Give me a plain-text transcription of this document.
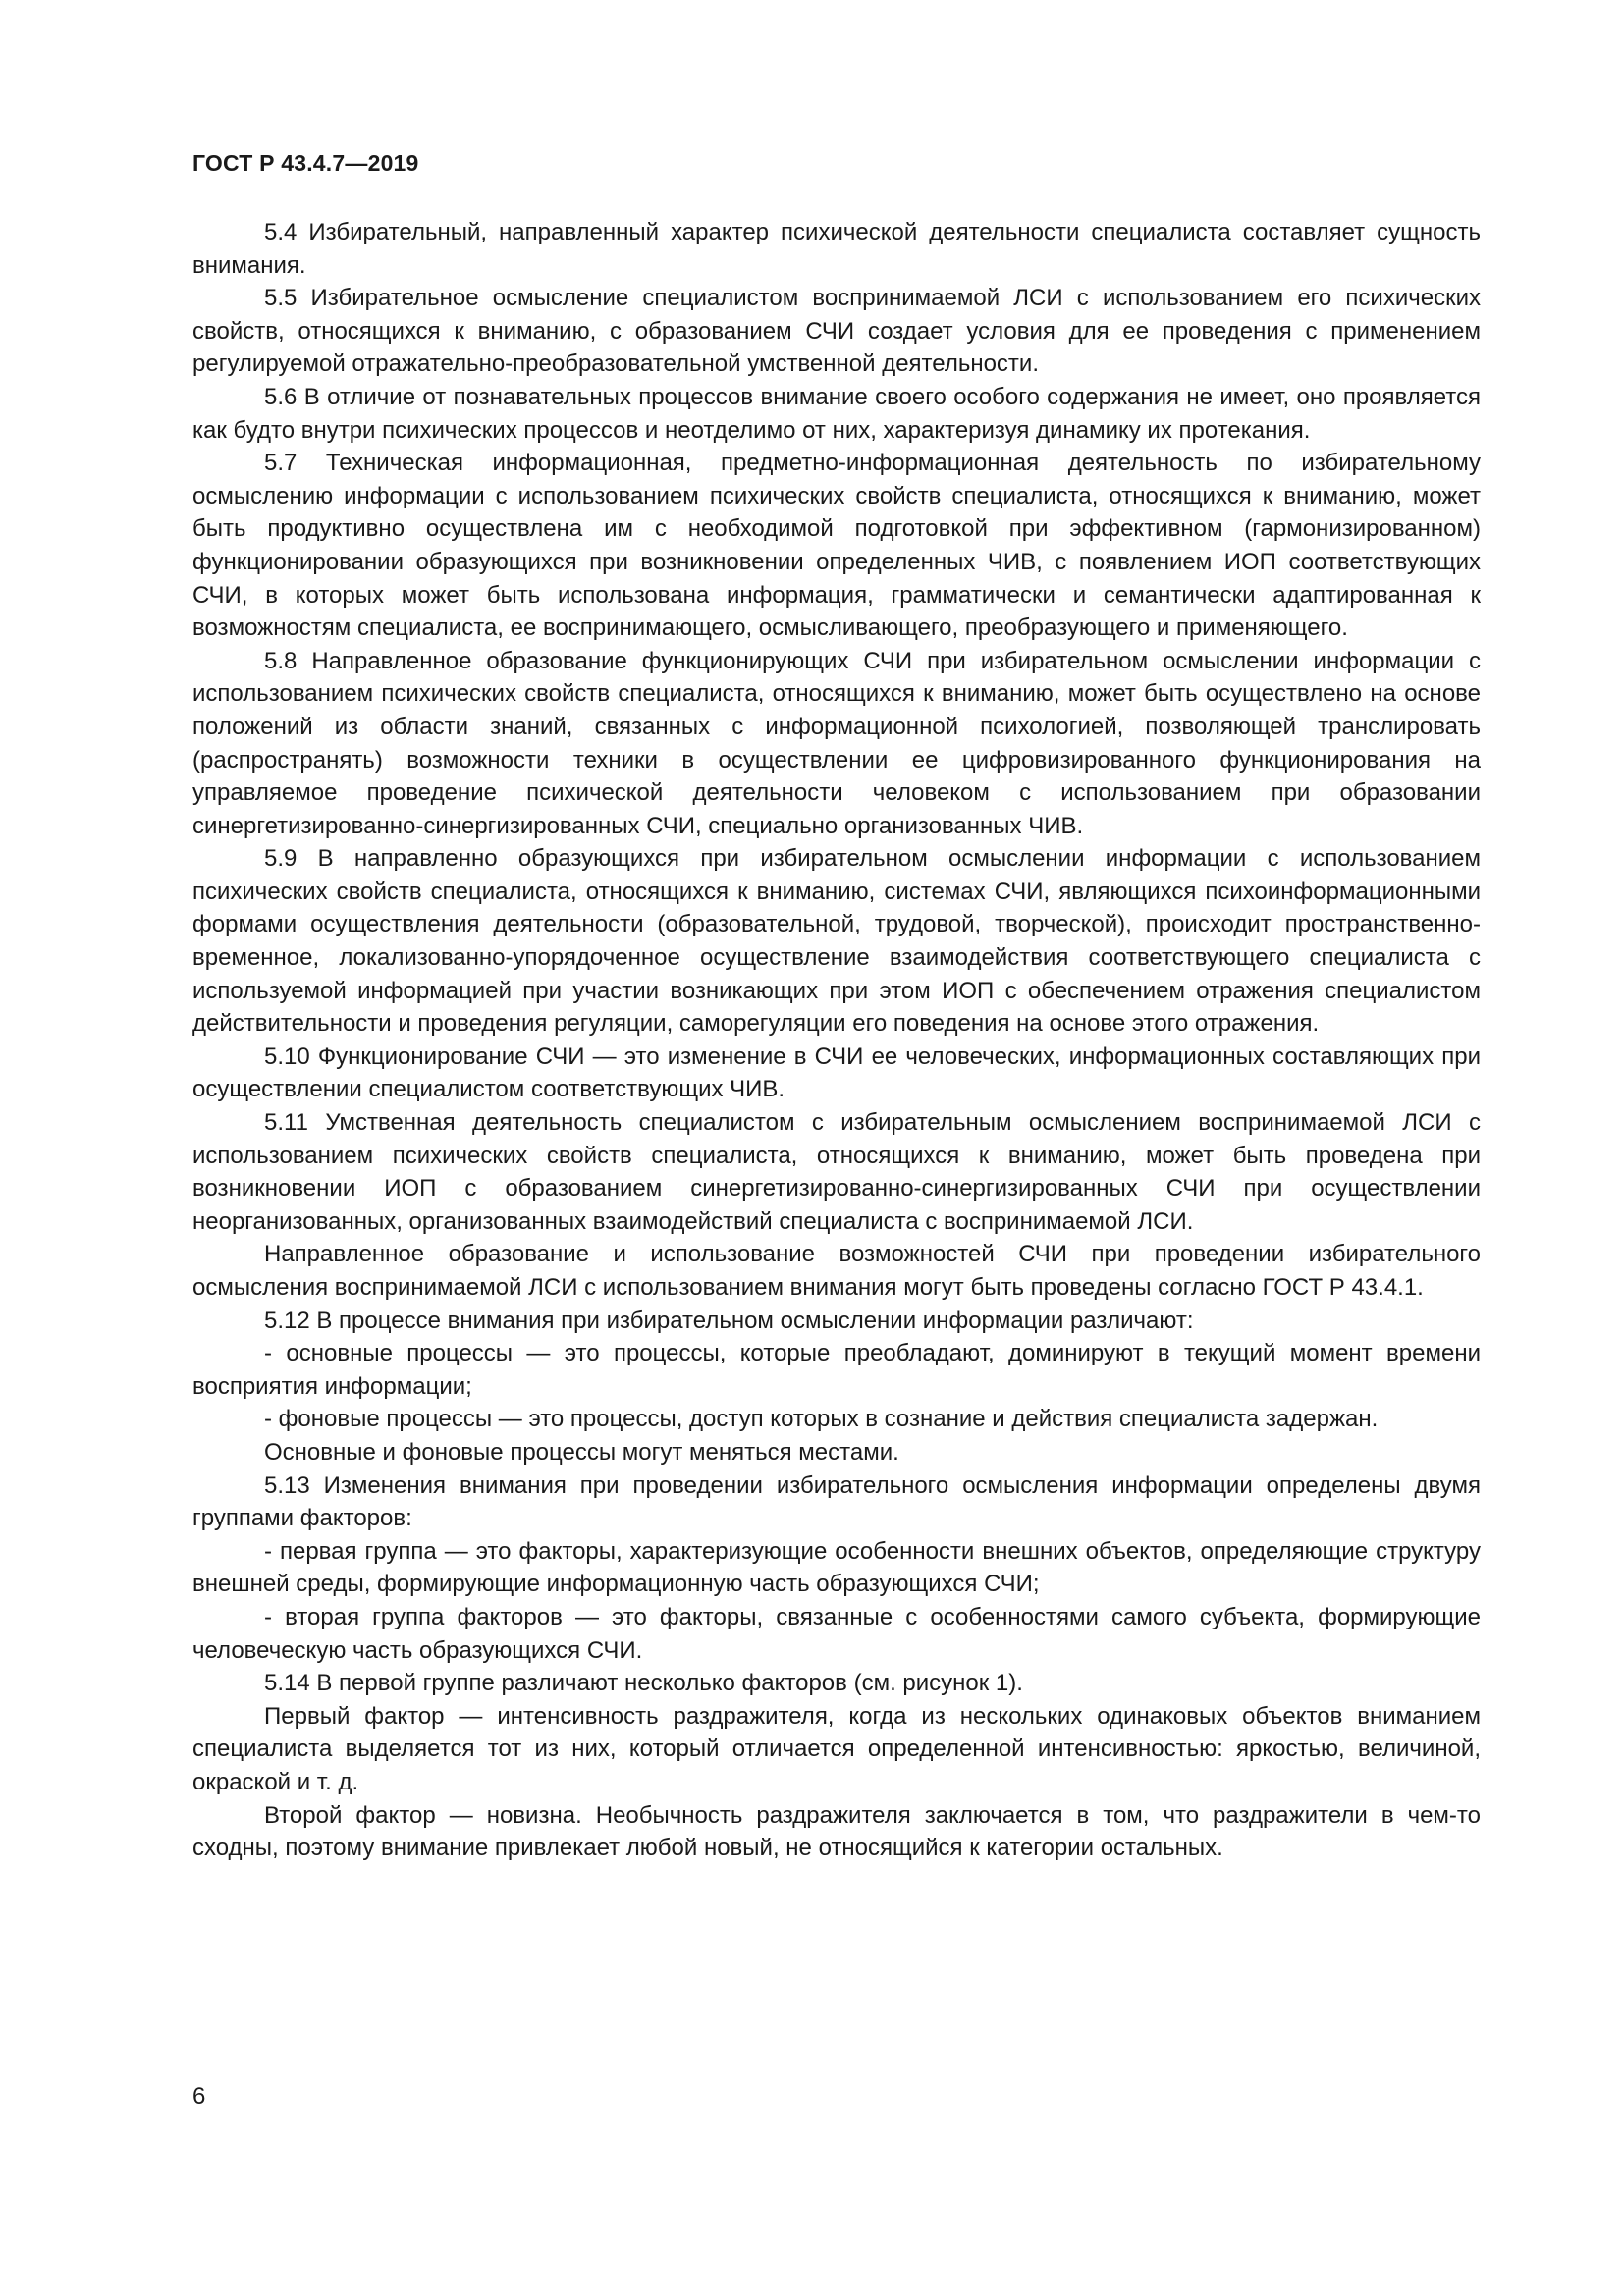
ГОСТ Р 43.4.7—2019

5.4 Избирательный, направленный характер психической деятельности специалиста составляет сущность внимания.

5.5 Избирательное осмысление специалистом воспринимаемой ЛСИ с использованием его психических свойств, относящихся к вниманию, с образованием СЧИ создает условия для ее проведения с применением регулируемой отражательно-преобразовательной умственной деятельности.

5.6 В отличие от познавательных процессов внимание своего особого содержания не имеет, оно проявляется как будто внутри психических процессов и неотделимо от них, характеризуя динамику их протекания.

5.7 Техническая информационная, предметно-информационная деятельность по избирательному осмыслению информации с использованием психических свойств специалиста, относящихся к вниманию, может быть продуктивно осуществлена им с необходимой подготовкой при эффективном (гармонизированном) функционировании образующихся при возникновении определенных ЧИВ, с появлением ИОП соответствующих СЧИ, в которых может быть использована информация, грамматически и семантически адаптированная к возможностям специалиста, ее воспринимающего, осмысливающего, преобразующего и применяющего.

5.8 Направленное образование функционирующих СЧИ при избирательном осмыслении информации с использованием психических свойств специалиста, относящихся к вниманию, может быть осуществлено на основе положений из области знаний, связанных с информационной психологией, позволяющей транслировать (распространять) возможности техники в осуществлении ее цифровизированного функционирования на управляемое проведение психической деятельности человеком с использованием при образовании синергетизированно-синергизированных СЧИ, специально организованных ЧИВ.

5.9 В направленно образующихся при избирательном осмыслении информации с использованием психических свойств специалиста, относящихся к вниманию, системах СЧИ, являющихся психоинформационными формами осуществления деятельности (образовательной, трудовой, творческой), происходит пространственно-временное, локализованно-упорядоченное осуществление взаимодействия соответствующего специалиста с используемой информацией при участии возникающих при этом ИОП с обеспечением отражения специалистом действительности и проведения регуляции, саморегуляции его поведения на основе этого отражения.

5.10 Функционирование СЧИ — это изменение в СЧИ ее человеческих, информационных составляющих при осуществлении специалистом соответствующих ЧИВ.

5.11 Умственная деятельность специалистом с избирательным осмыслением воспринимаемой ЛСИ с использованием психических свойств специалиста, относящихся к вниманию, может быть проведена при возникновении ИОП с образованием синергетизированно-синергизированных СЧИ при осуществлении неорганизованных, организованных взаимодействий специалиста с воспринимаемой ЛСИ.

Направленное образование и использование возможностей СЧИ при проведении избирательного осмысления воспринимаемой ЛСИ с использованием внимания могут быть проведены согласно ГОСТ Р 43.4.1.

5.12 В процессе внимания при избирательном осмыслении информации различают:

- основные процессы — это процессы, которые преобладают, доминируют в текущий момент времени восприятия информации;

- фоновые процессы — это процессы, доступ которых в сознание и действия специалиста задержан.

Основные и фоновые процессы могут меняться местами.

5.13 Изменения внимания при проведении избирательного осмысления информации определены двумя группами факторов:

- первая группа — это факторы, характеризующие особенности внешних объектов, определяющие структуру внешней среды, формирующие информационную часть образующихся СЧИ;

- вторая группа факторов — это факторы, связанные с особенностями самого субъекта, формирующие человеческую часть образующихся СЧИ.

5.14 В первой группе различают несколько факторов (см. рисунок 1).

Первый фактор — интенсивность раздражителя, когда из нескольких одинаковых объектов вниманием специалиста выделяется тот из них, который отличается определенной интенсивностью: яркостью, величиной, окраской и т. д.

Второй фактор — новизна. Необычность раздражителя заключается в том, что раздражители в чем-то сходны, поэтому внимание привлекает любой новый, не относящийся к категории остальных.

6
